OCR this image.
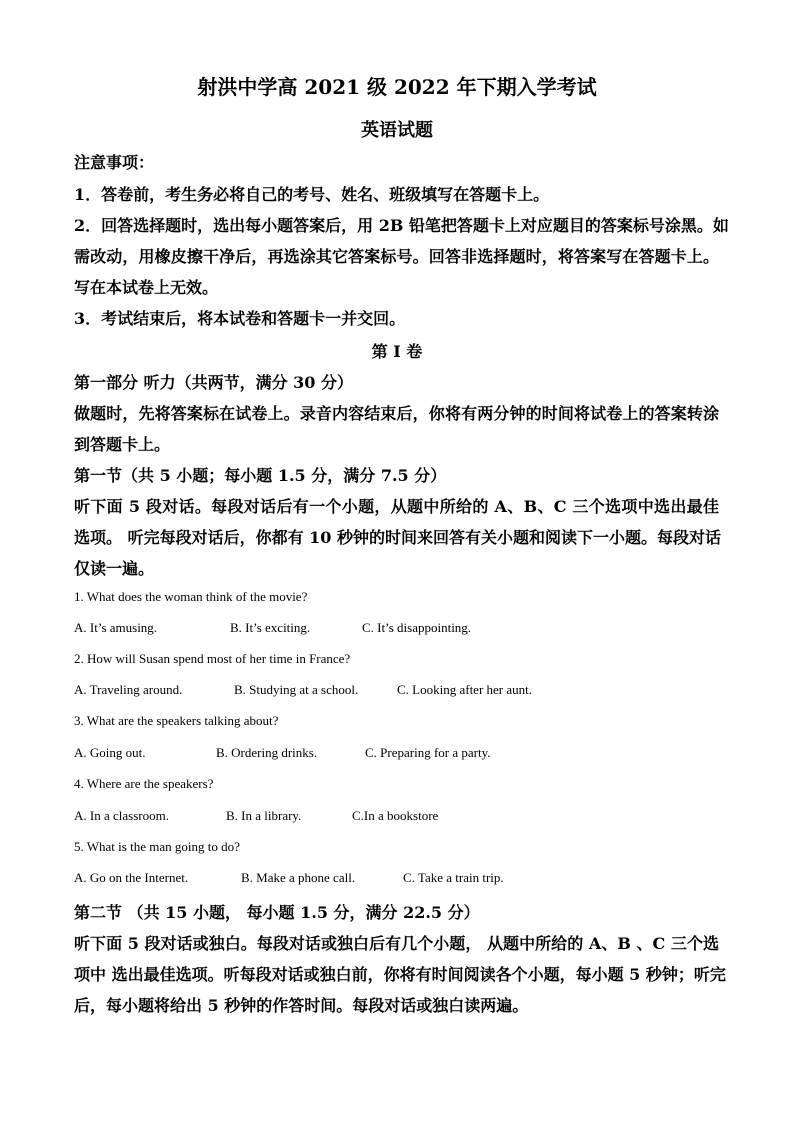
射洪中学高 2021 级 2022 年下期入学考试
英语试题
注意事项：
1．答卷前，考生务必将自己的考号、姓名、班级填写在答题卡上。
2．回答选择题时，选出每小题答案后，用 2B 铅笔把答题卡上对应题目的答案标号涂黑。如
需改动，用橡皮擦干净后，再选涂其它答案标号。回答非选择题时，将答案写在答题卡上。
写在本试卷上无效。
3．考试结束后，将本试卷和答题卡一并交回。
第 I 卷
第一部分 听力（共两节，满分 30 分）
做题时，先将答案标在试卷上。录音内容结束后，你将有两分钟的时间将试卷上的答案转涂
到答题卡上。
第一节（共 5 小题；每小题 1.5 分，满分 7.5 分）
听下面 5 段对话。每段对话后有一个小题，从题中所给的 A、B、C 三个选项中选出最佳
选项。 听完每段对话后，你都有 10 秒钟的时间来回答有关小题和阅读下一小题。每段对话
仅读一遍。
1. What does the woman think of the movie?
A. It’s amusing.	B. It’s exciting.	C. It’s disappointing.
2. How will Susan spend most of her time in France?
A. Traveling around.	B. Studying at a school.	C. Looking after her aunt.
3. What are the speakers talking about?
A. Going out.	B. Ordering drinks.	C. Preparing for a party.
4. Where are the speakers?
A. In a classroom.	B. In a library.	C.In a bookstore
5. What is the man going to do?
A. Go on the Internet.	B. Make a phone call.	C. Take a train trip.
第二节 （共 15 小题， 每小题 1.5 分，满分 22.5 分）
听下面 5 段对话或独白。每段对话或独白后有几个小题， 从题中所给的 A、B 、C 三个选
项中 选出最佳选项。听每段对话或独白前，你将有时间阅读各个小题，每小题 5 秒钟；听完
后，每小题将给出 5 秒钟的作答时间。每段对话或独白读两遍。
